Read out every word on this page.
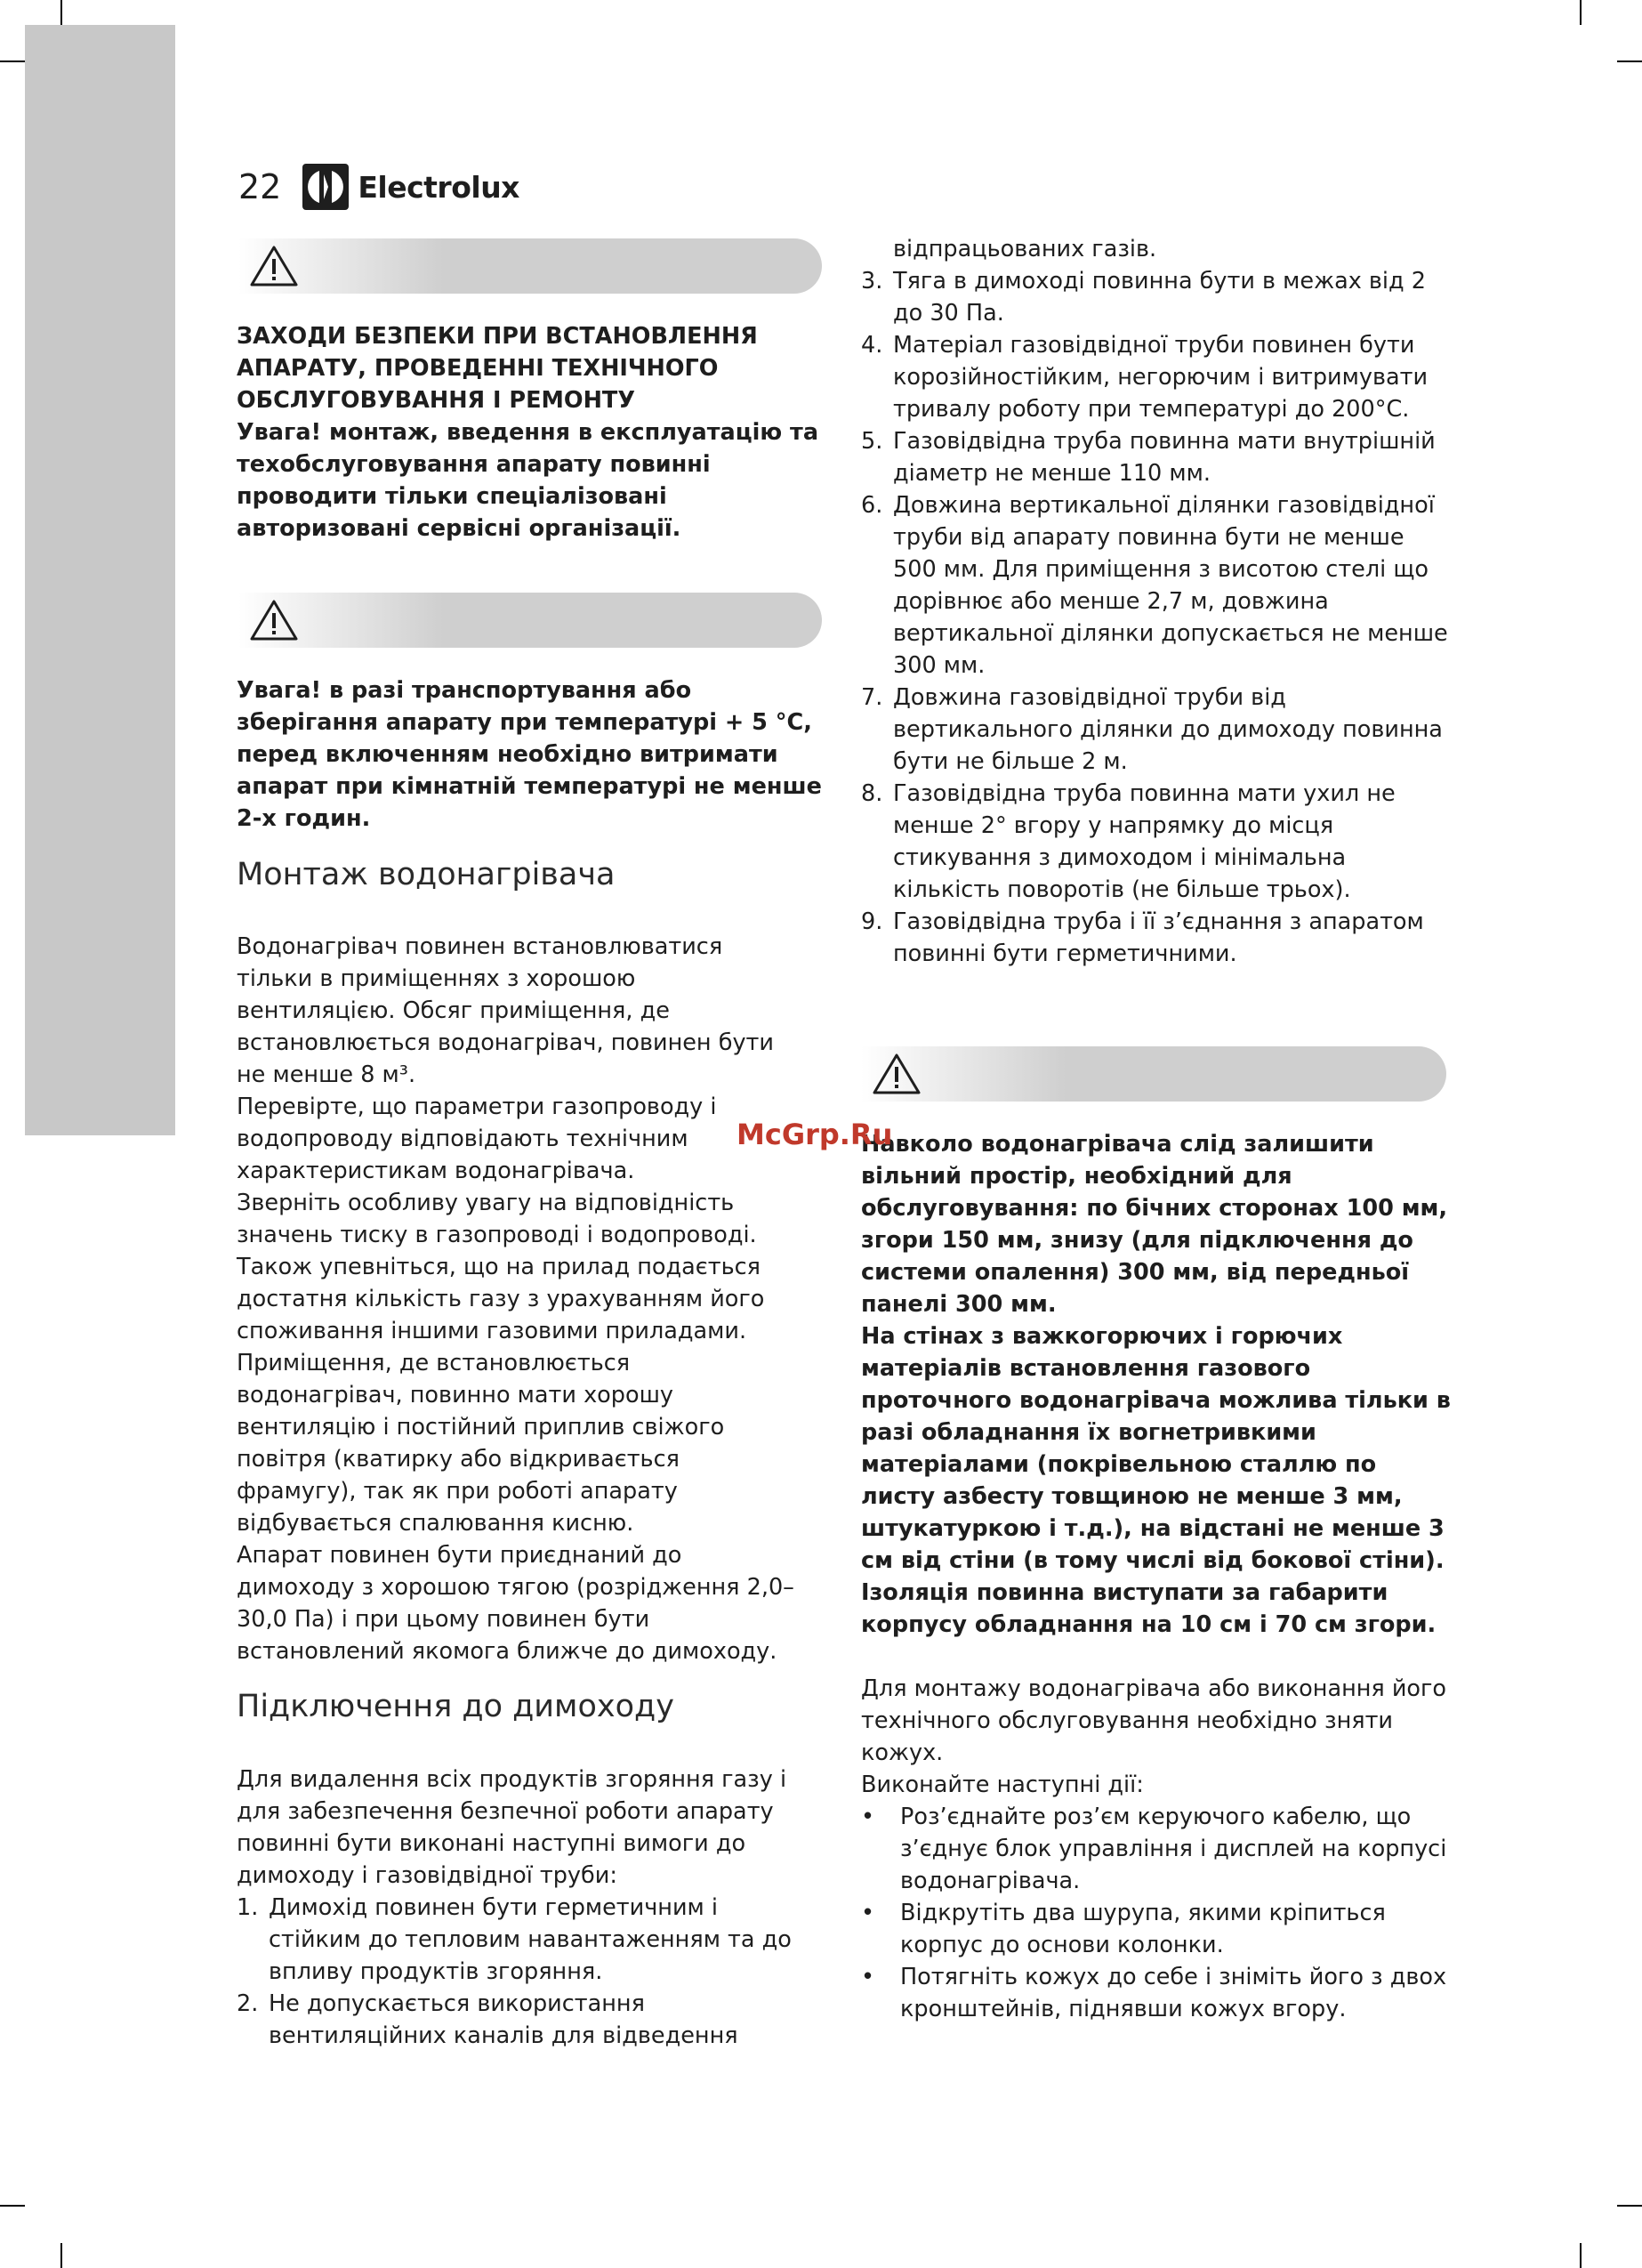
22	Electrolux

ЗАХОДИ БЕЗПЕКИ ПРИ ВСТАНОВЛЕННЯ АПАРАТУ, ПРОВЕДЕННІ ТЕХНІЧНОГО ОБСЛУГОВУВАННЯ І РЕМОНТУ

Увага! монтаж, введення в експлуатацію та техобслуговування апарату повинні проводити тільки спеціалізовані авторизовані сервісні організації.

Увага! в разі транспортування або зберігання апарату при температурі + 5 °С, перед включенням необхідно витримати апарат при кімнатній температурі не менше 2-х годин.

Монтаж водонагрівача

Водонагрівач повинен встановлюватися тільки в приміщеннях з хорошою вентиляцією. Обсяг приміщення, де встановлюється водонагрівач, повинен бути не менше 8 м³.

Перевірте, що параметри газопроводу і водопроводу відповідають технічним характеристикам водонагрівача.

Зверніть особливу увагу на відповідність значень тиску в газопроводі і водопроводі. Також упевніться, що на прилад подається достатня кількість газу з урахуванням його споживання іншими газовими приладами. Приміщення, де встановлюється водонагрівач, повинно мати хорошу вентиляцію і постійний приплив свіжого повітря (кватирку або відкривається фрамугу), так як при роботі апарату відбувається спалювання кисню.

Апарат повинен бути приєднаний до димоходу з хорошою тягою (розрідження 2,0–30,0 Па) і при цьому повинен бути встановлений якомога ближче до димоходу.

Підключення до димоходу

Для видалення всіх продуктів згоряння газу і для забезпечення безпечної роботи апарату повинні бути виконані наступні вимоги до димоходу і газовідвідної труби:

1. Димохід повинен бути герметичним і стійким до тепловим навантаженням та до впливу продуктів згоряння.
2. Не допускається використання вентиляційних каналів для відведення
відпрацьованих газів.
3. Тяга в димоході повинна бути в межах від 2 до 30 Па.
4. Матеріал газовідвідної труби повинен бути корозійностійким, негорючим і витримувати тривалу роботу при температурі до 200°С.
5. Газовідвідна труба повинна мати внутрішній діаметр не менше 110 мм.
6. Довжина вертикальної ділянки газовідвідної труби від апарату повинна бути не менше 500 мм. Для приміщення з висотою стелі що дорівнює або менше 2,7 м, довжина вертикальної ділянки допускається не менше 300 мм.
7. Довжина газовідвідної труби від вертикального ділянки до димоходу повинна бути не більше 2 м.
8. Газовідвідна труба повинна мати ухил не менше 2° вгору у напрямку до місця стикування з димоходом і мінімальна кількість поворотів (не більше трьох).
9. Газовідвідна труба і її з’єднання з апаратом повинні бути герметичними.

Навколо водонагрівача слід залишити вільний простір, необхідний для обслуговування: по бічних сторонах 100 мм, згори 150 мм, знизу (для підключення до системи опалення) 300 мм, від передньої панелі 300 мм.

На стінах з важкогорючих і горючих матеріалів встановлення газового проточного водонагрівача можлива тільки в разі обладнання їх вогнетривкими матеріалами (покрівельною сталлю по листу азбесту товщиною не менше 3 мм, штукатуркою і т.д.), на відстані не менше 3 см від стіни (в тому числі від бокової стіни). Ізоляція повинна виступати за габарити корпусу обладнання на 10 см і 70 см згори.

Для монтажу водонагрівача або виконання його технічного обслуговування необхідно зняти кожух.

Виконайте наступні дії:

•	Роз’єднайте роз’єм керуючого кабелю, що з’єднує блок управління і дисплей на корпусі водонагрівача.
•	Відкрутіть два шурупа, якими кріпиться корпус до основи колонки.
•	Потягніть кожух до себе і зніміть його з двох кронштейнів, піднявши кожух вгору.
McGrp.Ru
